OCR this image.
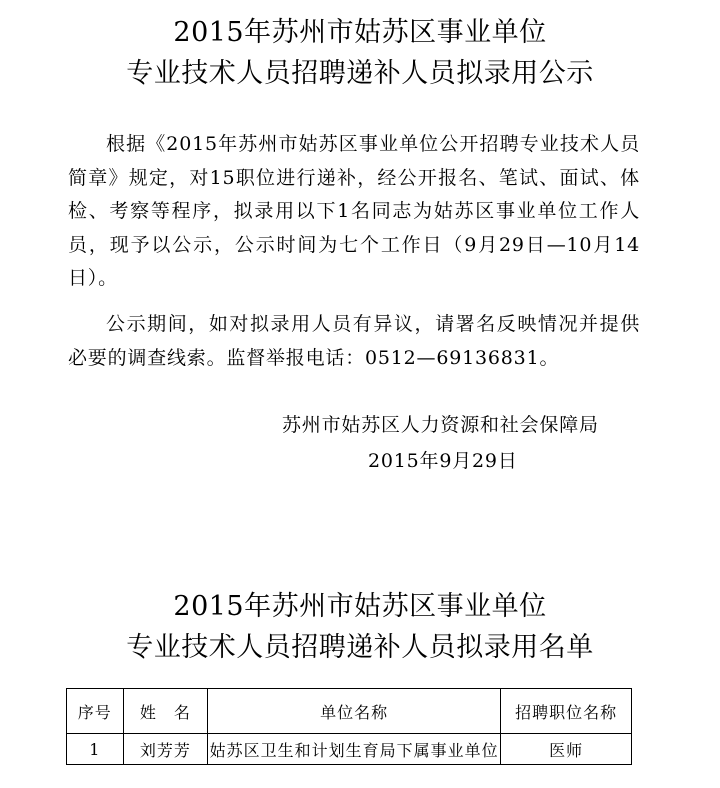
2015年苏州市姑苏区事业单位
专业技术人员招聘递补人员拟录用公示

根据《2015年苏州市姑苏区事业单位公开招聘专业技术人员简章》规定，对15职位进行递补，经公开报名、笔试、面试、体检、考察等程序，拟录用以下1名同志为姑苏区事业单位工作人员，现予以公示，公示时间为七个工作日（9月29日—10月14日）。

公示期间，如对拟录用人员有异议，请署名反映情况并提供必要的调查线索。监督举报电话：0512—69136831。

苏州市姑苏区人力资源和社会保障局
2015年9月29日
2015年苏州市姑苏区事业单位
专业技术人员招聘递补人员拟录用名单
序号	姓　名	单位名称	招聘职位名称
1	刘芳芳	姑苏区卫生和计划生育局下属事业单位	医师
